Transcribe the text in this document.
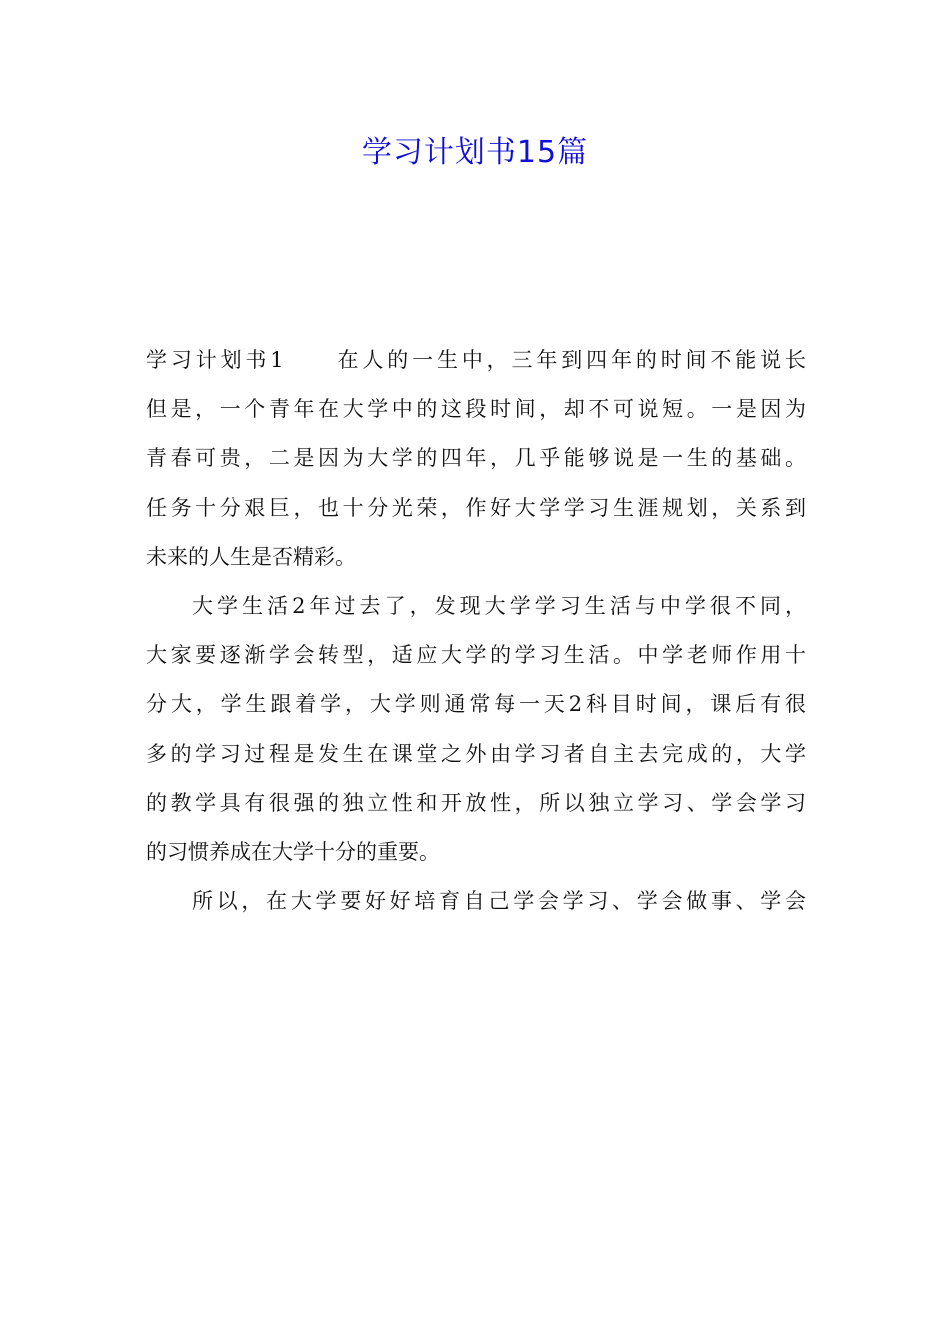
学习计划书15篇
学习计划书1 在人的一生中，三年到四年的时间不能说长
但是，一个青年在大学中的这段时间，却不可说短。一是因为
青春可贵，二是因为大学的四年，几乎能够说是一生的基础。
任务十分艰巨，也十分光荣，作好大学学习生涯规划，关系到
未来的人生是否精彩。
大学生活2年过去了，发现大学学习生活与中学很不同，
大家要逐渐学会转型，适应大学的学习生活。中学老师作用十
分大，学生跟着学，大学则通常每一天2科目时间，课后有很
多的学习过程是发生在课堂之外由学习者自主去完成的，大学
的教学具有很强的独立性和开放性，所以独立学习、学会学习
的习惯养成在大学十分的重要。
所以，在大学要好好培育自己学会学习、学会做事、学会
